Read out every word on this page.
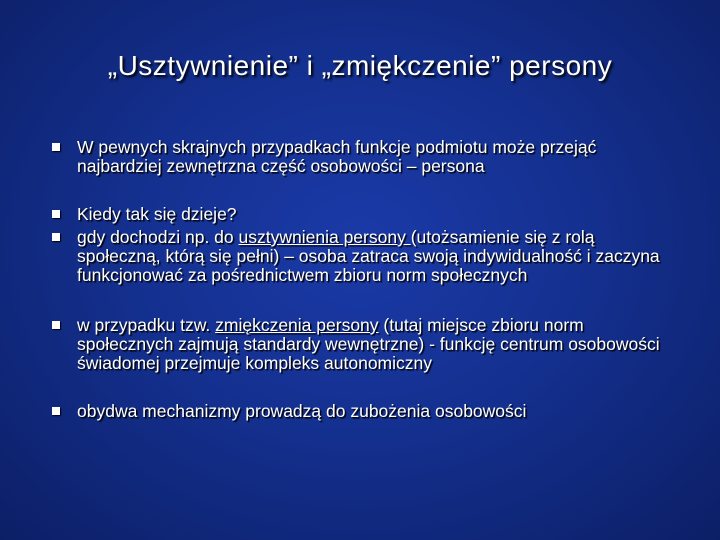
„Usztywnienie” i „zmiękczenie” persony
W pewnych skrajnych przypadkach funkcje podmiotu może przejąć najbardziej zewnętrzna część osobowości – persona
Kiedy tak się dzieje?
gdy dochodzi np. do usztywnienia persony (utożsamienie się z rolą społeczną, którą się pełni) – osoba zatraca swoją indywidualność i zaczyna funkcjonować za pośrednictwem zbioru norm społecznych
w przypadku tzw. zmiękczenia persony (tutaj miejsce zbioru norm społecznych zajmują standardy wewnętrzne) - funkcję centrum osobowości świadomej przejmuje kompleks autonomiczny
obydwa mechanizmy prowadzą do zubożenia osobowości
